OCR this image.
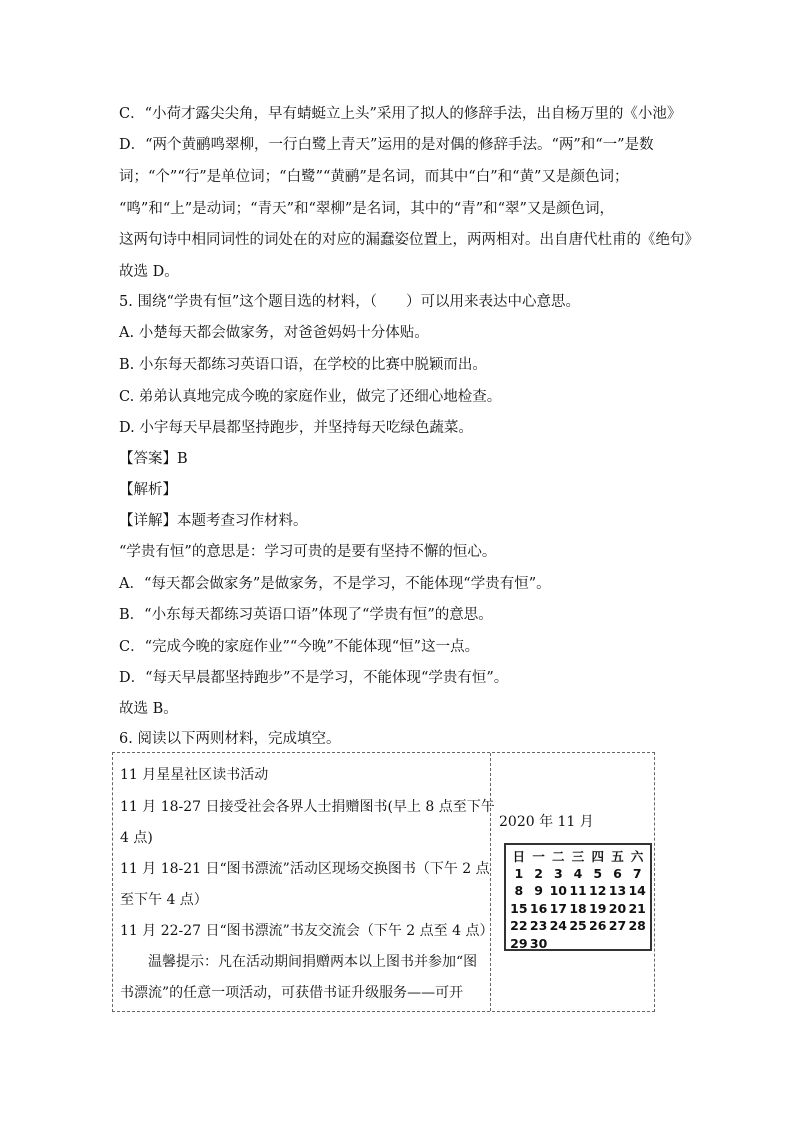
C．“小荷才露尖尖角，早有蜻蜓立上头”采用了拟人的修辞手法，出自杨万里的《小池》
D．“两个黄鹂鸣翠柳，一行白鹭上青天”运用的是对偶的修辞手法。“两”和“一”是数
词；“个”“行”是单位词；“白鹭”“黄鹂”是名词，而其中“白”和“黄”又是颜色词；
“鸣”和“上”是动词；“青天”和“翠柳”是名词，其中的“青”和“翠”又是颜色词，
这两句诗中相同词性的词处在的对应的漏蠢姿位置上，两两相对。出自唐代杜甫的《绝句》
故选 D。
5. 围绕“学贵有恒”这个题目选的材料，（　　）可以用来表达中心意思。
A. 小楚每天都会做家务，对爸爸妈妈十分体贴。
B. 小东每天都练习英语口语，在学校的比赛中脱颖而出。
C. 弟弟认真地完成今晚的家庭作业，做完了还细心地检查。
D. 小宇每天早晨都坚持跑步，并坚持每天吃绿色蔬菜。
【答案】B
【解析】
【详解】本题考查习作材料。
“学贵有恒”的意思是：学习可贵的是要有坚持不懈的恒心。
A．“每天都会做家务”是做家务，不是学习，不能体现“学贵有恒”。
B．“小东每天都练习英语口语”体现了“学贵有恒”的意思。
C．“完成今晚的家庭作业”“今晚”不能体现“恒”这一点。
D．“每天早晨都坚持跑步”不是学习，不能体现“学贵有恒”。
故选 B。
6. 阅读以下两则材料，完成填空。
11 月星星社区读书活动
11 月 18-27 日接受社会各界人士捐赠图书(早上 8 点至下午
4 点)
11 月 18-21 日“图书漂流”活动区现场交换图书（下午 2 点
至下午 4 点）
11 月 22-27 日“图书漂流”书友交流会（下午 2 点至 4 点）
　　温馨提示：凡在活动期间捐赠两本以上图书并参加“图
书漂流”的任意一项活动，可获借书证升级服务——可开
2020 年 11 月
日 一 二 三 四 五 六
1 2 3 4 5 6 7
8 9 10 11 12 13 14
15 16 17 18 19 20 21
22 23 24 25 26 27 28
29 30
